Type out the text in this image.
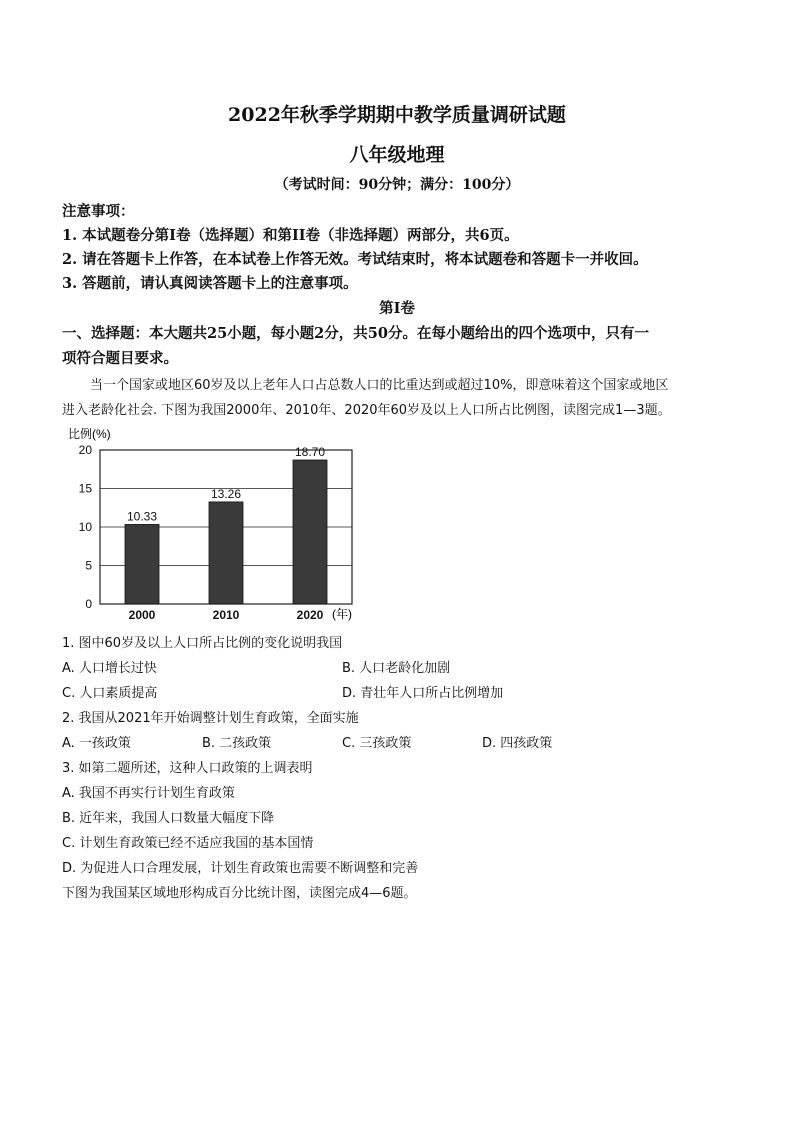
2022年秋季学期期中教学质量调研试题
八年级地理
（考试时间：90分钟；满分：100分）
注意事项：
1. 本试题卷分第I卷（选择题）和第II卷（非选择题）两部分，共6页。
2. 请在答题卡上作答，在本试卷上作答无效。考试结束时，将本试题卷和答题卡一并收回。
3. 答题前，请认真阅读答题卡上的注意事项。
第I卷
一、选择题：本大题共25小题，每小题2分，共50分。在每小题给出的四个选项中，只有一
项符合题目要求。
当一个国家或地区60岁及以上老年人口占总数人口的比重达到或超过10%，即意味着这个国家或地区
进入老龄化社会. 下图为我国2000年、2010年、2020年60岁及以上人口所占比例图，读图完成1—3题。
比例(%)
(年)
0
5
10
15
20
10.33
2000
13.26
2010
18.70
2020
1. 图中60岁及以上人口所占比例的变化说明我国
A. 人口增长过快	B. 人口老龄化加剧
C. 人口素质提高	D. 青壮年人口所占比例增加
2. 我国从2021年开始调整计划生育政策，全面实施
A. 一孩政策	B. 二孩政策	C. 三孩政策	D. 四孩政策
3. 如第二题所述，这种人口政策的上调表明
A. 我国不再实行计划生育政策
B. 近年来，我国人口数量大幅度下降
C. 计划生育政策已经不适应我国的基本国情
D. 为促进人口合理发展，计划生育政策也需要不断调整和完善
下图为我国某区域地形构成百分比统计图，读图完成4—6题。
